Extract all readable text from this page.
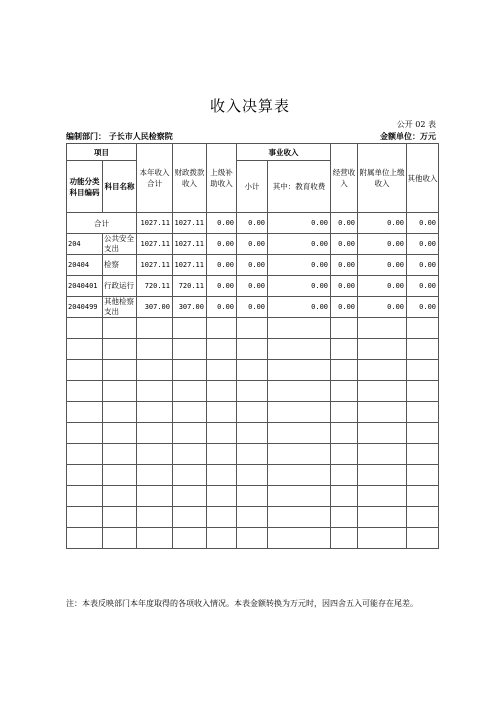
收入决算表
公开 02 表
编制部门： 子长市人民检察院	金额单位：万元
项目		本年收入合计	财政拨款收入	上级补助收入	事业收入		经营收入	附属单位上缴收入	其他收入
功能分类科目编码	科目名称				小计	其中：教育收费			
合计		1027.11	1027.11	0.00	0.00	0.00	0.00	0.00	0.00
204	公共安全支出	1027.11	1027.11	0.00	0.00	0.00	0.00	0.00	0.00
20404	检察	1027.11	1027.11	0.00	0.00	0.00	0.00	0.00	0.00
2040401	行政运行	720.11	720.11	0.00	0.00	0.00	0.00	0.00	0.00
2040499	其他检察支出	307.00	307.00	0.00	0.00	0.00	0.00	0.00	0.00

注：本表反映部门本年度取得的各项收入情况。本表金额转换为万元时，因四舍五入可能存在尾差。
